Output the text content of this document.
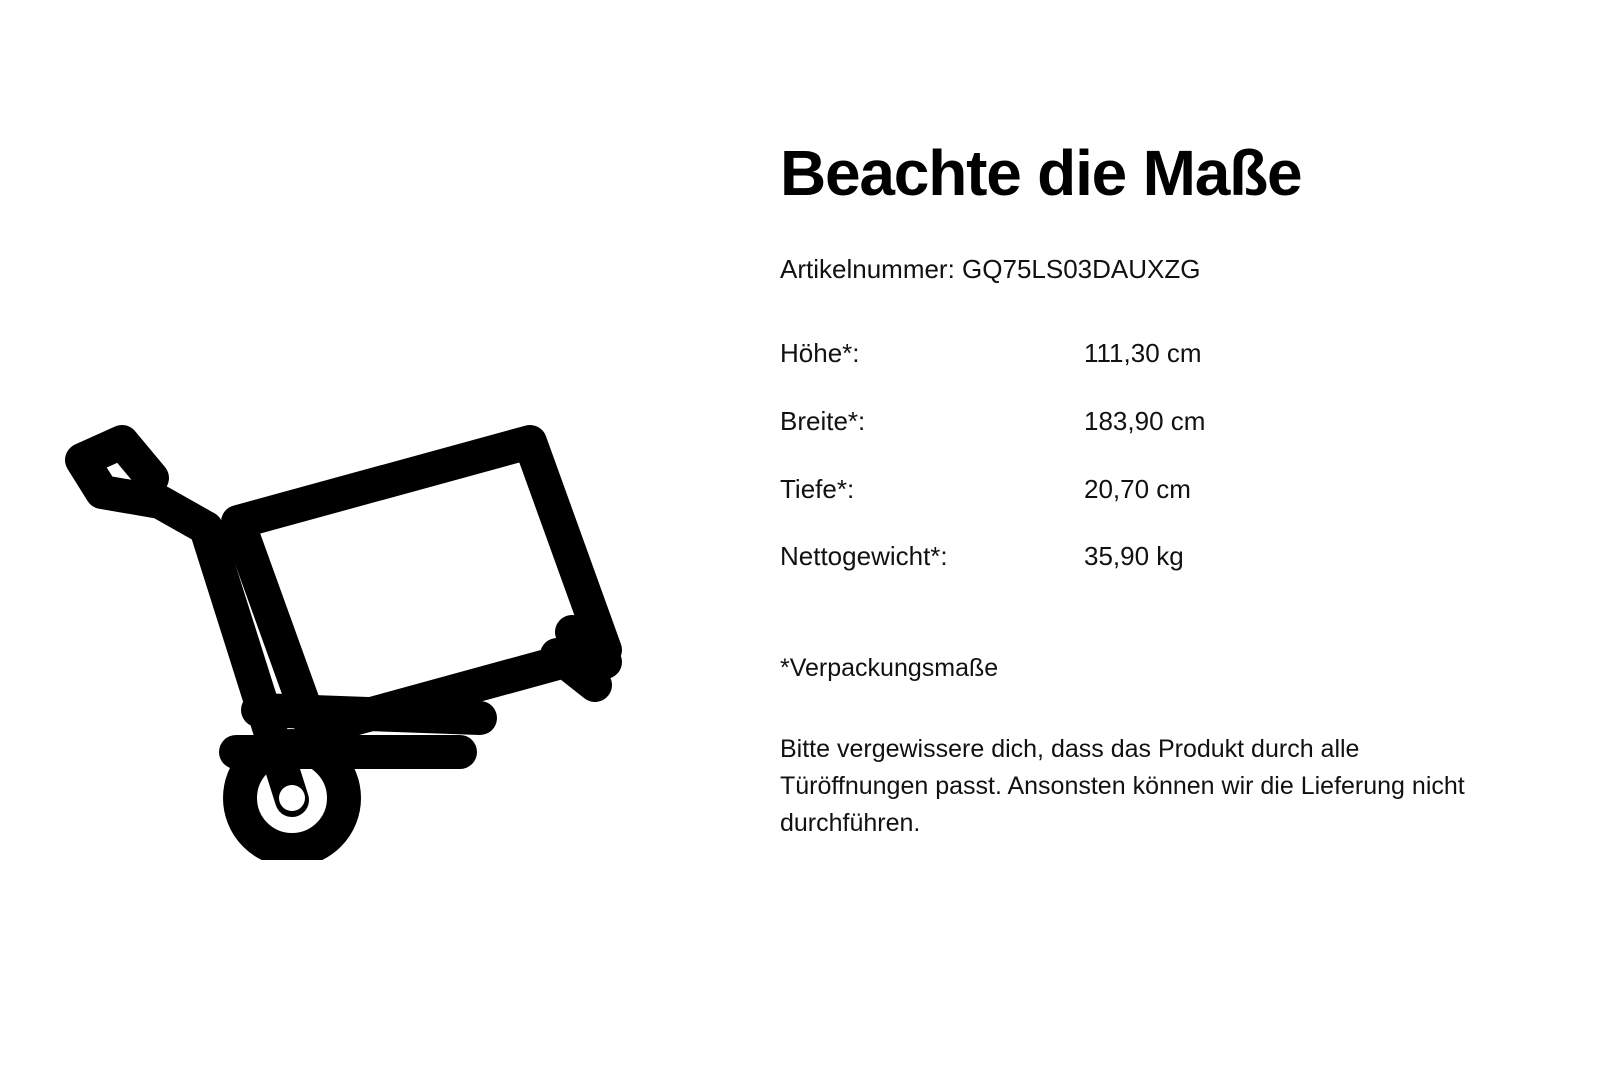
Beachte die Maße

Artikelnummer: GQ75LS03DAUXZG

Höhe*:	111,30 cm
Breite*:	183,90 cm
Tiefe*:	20,70 cm
Nettogewicht*:	35,90 kg

*Verpackungsmaße

Bitte vergewissere dich, dass das Produkt durch alle Türöffnungen passt. Ansonsten können wir die Lieferung nicht durchführen.
